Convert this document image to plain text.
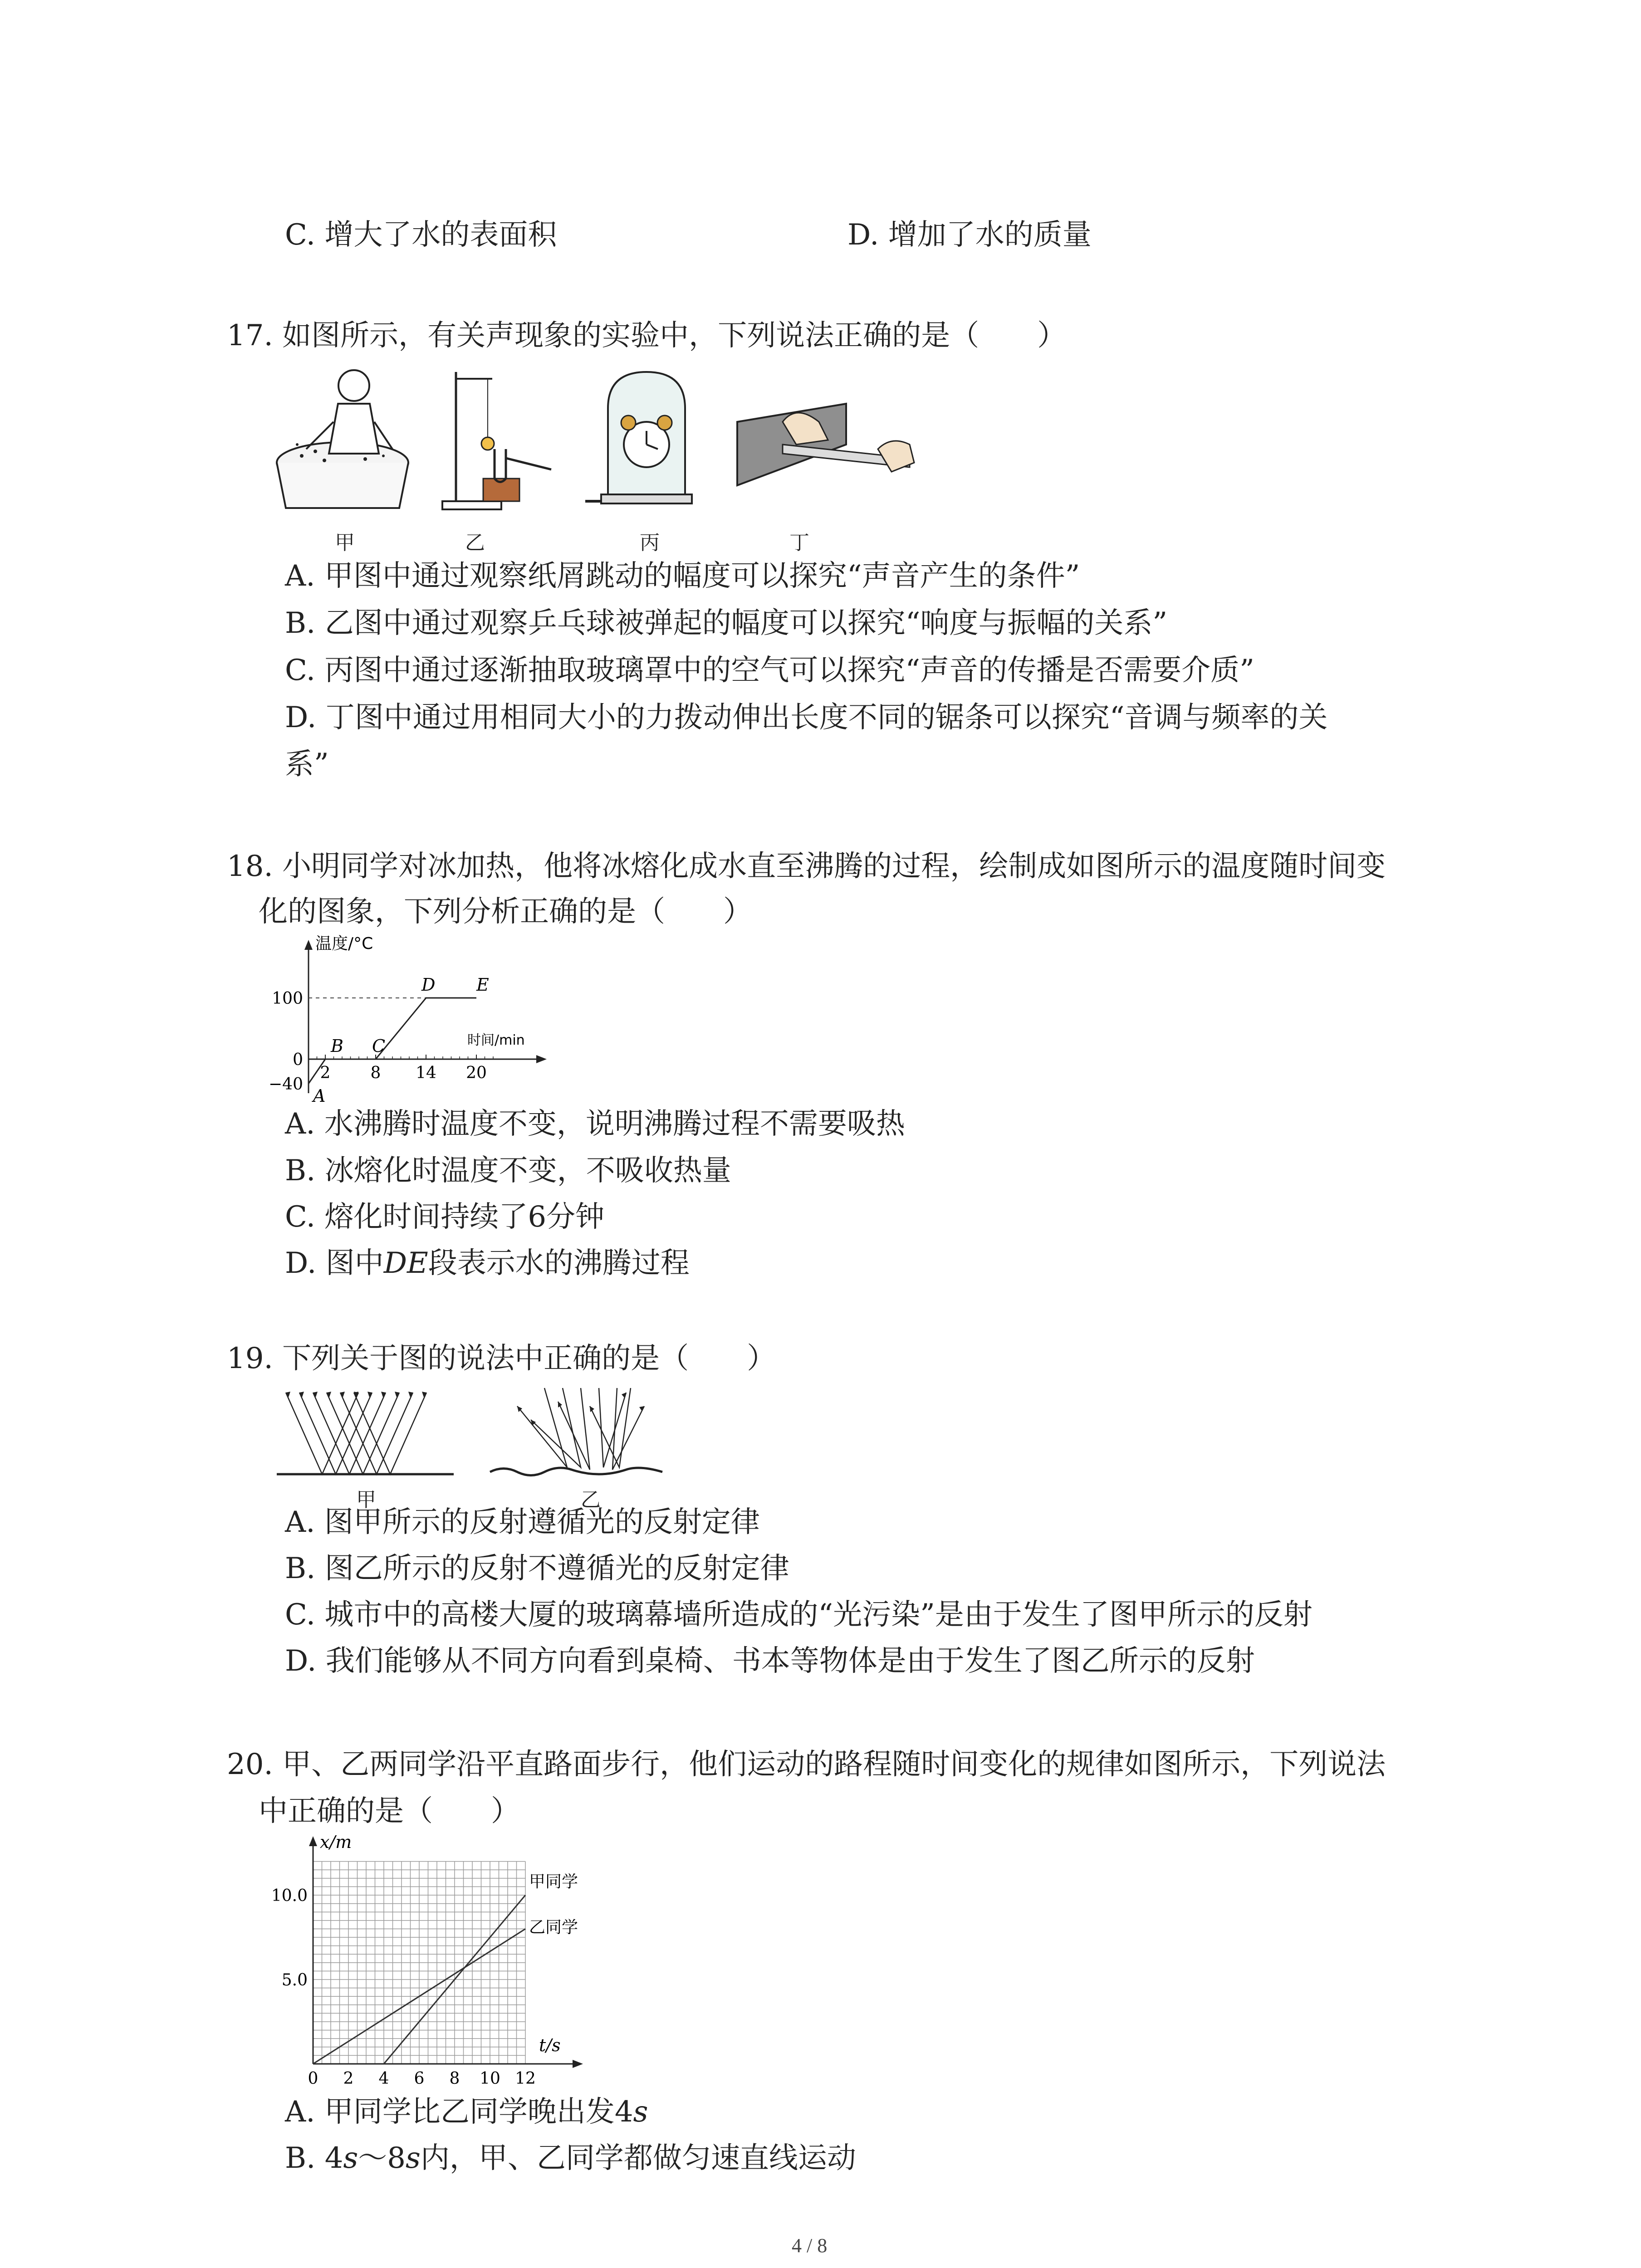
C. 增大了水的表面积	D. 增加了水的质量
17. 如图所示，有关声现象的实验中，下列说法正确的是（　　）
甲	乙	丙	丁
A. 甲图中通过观察纸屑跳动的幅度可以探究“声音产生的条件”
B. 乙图中通过观察乒乓球被弹起的幅度可以探究“响度与振幅的关系”
C. 丙图中通过逐渐抽取玻璃罩中的空气可以探究“声音的传播是否需要介质”
D. 丁图中通过用相同大小的力拨动伸出长度不同的锯条可以探究“音调与频率的关
系”
18. 小明同学对冰加热，他将冰熔化成水直至沸腾的过程，绘制成如图所示的温度随时间变
化的图象，下列分析正确的是（　　）
温度/°C
时间/min
100
0
−40
2 8 14 20
A
B C
D E
A. 水沸腾时温度不变，说明沸腾过程不需要吸热
B. 冰熔化时温度不变，不吸收热量
C. 熔化时间持续了6分钟
D. 图中DE段表示水的沸腾过程
19. 下列关于图的说法中正确的是（　　）
甲	乙
A. 图甲所示的反射遵循光的反射定律
B. 图乙所示的反射不遵循光的反射定律
C. 城市中的高楼大厦的玻璃幕墙所造成的“光污染”是由于发生了图甲所示的反射
D. 我们能够从不同方向看到桌椅、书本等物体是由于发生了图乙所示的反射
20. 甲、乙两同学沿平直路面步行，他们运动的路程随时间变化的规律如图所示，下列说法
中正确的是（　　）
x/m
t/s
0 2 4 6 8 10 12
10.0
5.0
甲同学
乙同学
A. 甲同学比乙同学晚出发4s
B. 4s～8s内，甲、乙同学都做匀速直线运动
4 / 8
